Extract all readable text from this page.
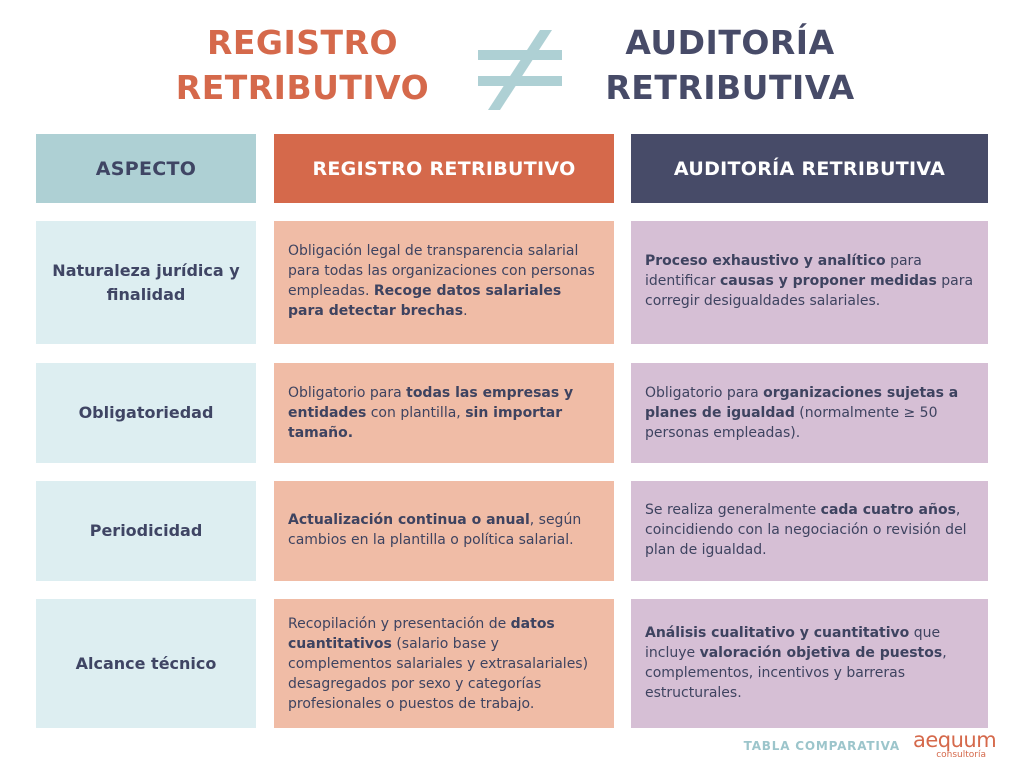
REGISTRO
RETRIBUTIVO
AUDITORÍA
RETRIBUTIVA
ASPECTO	REGISTRO RETRIBUTIVO	AUDITORÍA RETRIBUTIVA
Naturaleza jurídica y finalidad
Obligación legal de transparencia salarial para todas las organizaciones con personas empleadas. Recoge datos salariales para detectar brechas.
Proceso exhaustivo y analítico para identificar causas y proponer medidas para corregir desigualdades salariales.
Obligatoriedad
Obligatorio para todas las empresas y entidades con plantilla, sin importar tamaño.
Obligatorio para organizaciones sujetas a planes de igualdad (normalmente ≥ 50 personas empleadas).
Periodicidad
Actualización continua o anual, según cambios en la plantilla o política salarial.
Se realiza generalmente cada cuatro años, coincidiendo con la negociación o revisión del plan de igualdad.
Alcance técnico
Recopilación y presentación de datos cuantitativos (salario base y complementos salariales y extrasalariales) desagregados por sexo y categorías profesionales o puestos de trabajo.
Análisis cualitativo y cuantitativo que incluye valoración objetiva de puestos, complementos, incentivos y barreras estructurales.
TABLA COMPARATIVA aequum
consultoría
